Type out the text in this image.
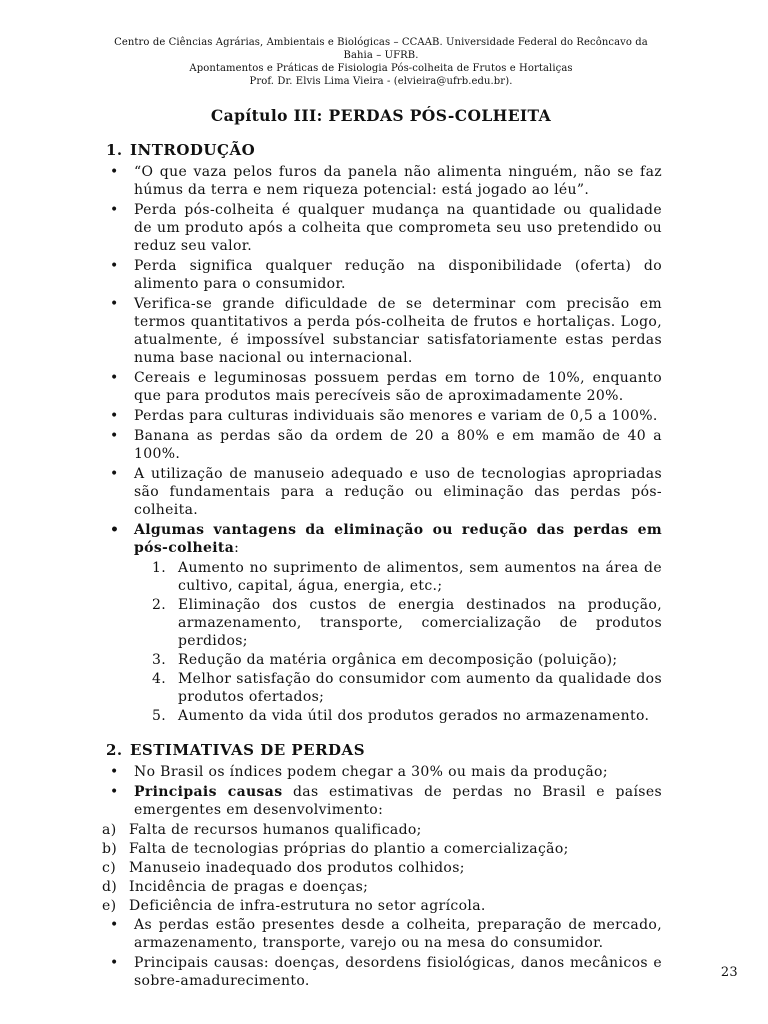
Centro de Ciências Agrárias, Ambientais e Biológicas – CCAAB. Universidade Federal do Recôncavo da Bahia – UFRB.
Apontamentos e Práticas de Fisiologia Pós-colheita de Frutos e Hortaliças
Prof. Dr. Elvis Lima Vieira - (elvieira@ufrb.edu.br).
Capítulo III: PERDAS PÓS-COLHEITA
1. INTRODUÇÃO
•	“O que vaza pelos furos da panela não alimenta ninguém, não se faz húmus da terra e nem riqueza potencial: está jogado ao léu”.
•	Perda pós-colheita é qualquer mudança na quantidade ou qualidade de um produto após a colheita que comprometa seu uso pretendido ou reduz seu valor.
•	Perda significa qualquer redução na disponibilidade (oferta) do alimento para o consumidor.
•	Verifica-se grande dificuldade de se determinar com precisão em termos quantitativos a perda pós-colheita de frutos e hortaliças. Logo, atualmente, é impossível substanciar satisfatoriamente estas perdas numa base nacional ou internacional.
•	Cereais e leguminosas possuem perdas em torno de 10%, enquanto que para produtos mais perecíveis são de aproximadamente 20%.
•	Perdas para culturas individuais são menores e variam de 0,5 a 100%.
•	Banana as perdas são da ordem de 20 a 80% e em mamão de 40 a 100%.
•	A utilização de manuseio adequado e uso de tecnologias apropriadas são fundamentais para a redução ou eliminação das perdas pós-colheita.
•	Algumas vantagens da eliminação ou redução das perdas em pós-colheita:
1. Aumento no suprimento de alimentos, sem aumentos na área de cultivo, capital, água, energia, etc.;
2. Eliminação dos custos de energia destinados na produção, armazenamento, transporte, comercialização de produtos perdidos;
3. Redução da matéria orgânica em decomposição (poluição);
4. Melhor satisfação do consumidor com aumento da qualidade dos produtos ofertados;
5. Aumento da vida útil dos produtos gerados no armazenamento.
2. ESTIMATIVAS DE PERDAS
•	No Brasil os índices podem chegar a 30% ou mais da produção;
•	Principais causas das estimativas de perdas no Brasil e países emergentes em desenvolvimento:
a) Falta de recursos humanos qualificado;
b) Falta de tecnologias próprias do plantio a comercialização;
c) Manuseio inadequado dos produtos colhidos;
d) Incidência de pragas e doenças;
e) Deficiência de infra-estrutura no setor agrícola.
•	As perdas estão presentes desde a colheita, preparação de mercado, armazenamento, transporte, varejo ou na mesa do consumidor.
•	Principais causas: doenças, desordens fisiológicas, danos mecânicos e sobre-amadurecimento.
23
